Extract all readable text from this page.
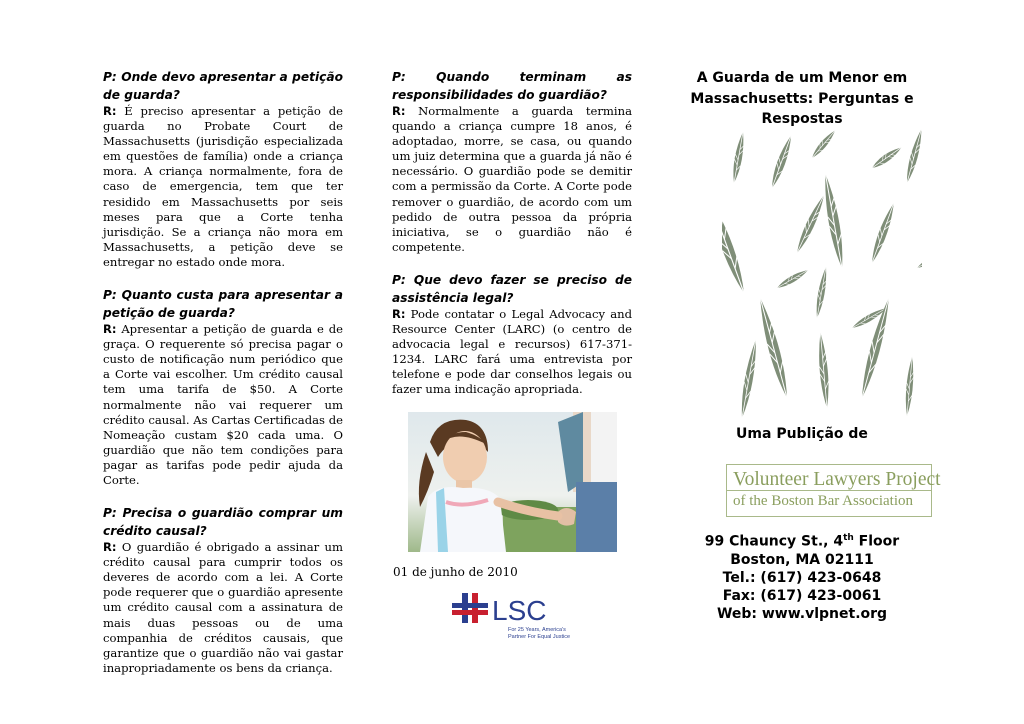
P: Onde devo apresentar a petição de guarda?

R: É preciso apresentar a petição de guarda no Probate Court de Massachusetts (jurisdição especializada em questões de família) onde a criança mora. A criança normalmente, fora de caso de emergencia, tem que ter residido em Massachusetts por seis meses para que a Corte tenha jurisdição. Se a criança não mora em Massachusetts, a petição deve se entregar no estado onde mora.

P: Quanto custa para apresentar a petição de guarda?

R: Apresentar a petição de guarda e de graça. O requerente só precisa pagar o custo de notificação num periódico que a Corte vai escolher. Um crédito causal tem uma tarifa de $50. A Corte normalmente não vai requerer um crédito causal. As Cartas Certificadas de Nomeação custam $20 cada uma. O guardião que não tem condições para pagar as tarifas pode pedir ajuda da Corte.

P: Precisa o guardião comprar um crédito causal?

R: O guardião é obrigado a assinar um crédito causal para cumprir todos os deveres de acordo com a lei. A Corte pode requerer que o guardião apresente um crédito causal com a assinatura de mais duas pessoas ou de uma companhia de créditos causais, que garantize que o guardião não vai gastar inapropriadamente os bens da criança.

P: Quando terminam as responsibilidades do guardião?

R: Normalmente a guarda termina quando a criança cumpre 18 anos, é adoptadao, morre, se casa, ou quando um juiz determina que a guarda já não é necessário. O guardião pode se demitir com a permissão da Corte. A Corte pode remover o guardião, de acordo com um pedido de outra pessoa da própria iniciativa, se o guardião não é competente.

P: Que devo fazer se preciso de assistência legal?

R: Pode contatar o Legal Advocacy and Resource Center (LARC) (o centro de advocacia legal e recursos) 617-371-1234. LARC fará uma entrevista por telefone e pode dar conselhos legais ou fazer uma indicação apropriada.

01 de junho de 2010
LSC
For 25 Years, America's
Partner For Equal Justice

A Guarda de um Menor em Massachusetts: Perguntas e Respostas

Uma Publição de
99 Chauncy St., 4th Floor
Boston, MA 02111
Tel.: (617) 423-0648
Fax: (617) 423-0061
Web: www.vlpnet.org
Volunteer Lawyers Project
of the Boston Bar Association
